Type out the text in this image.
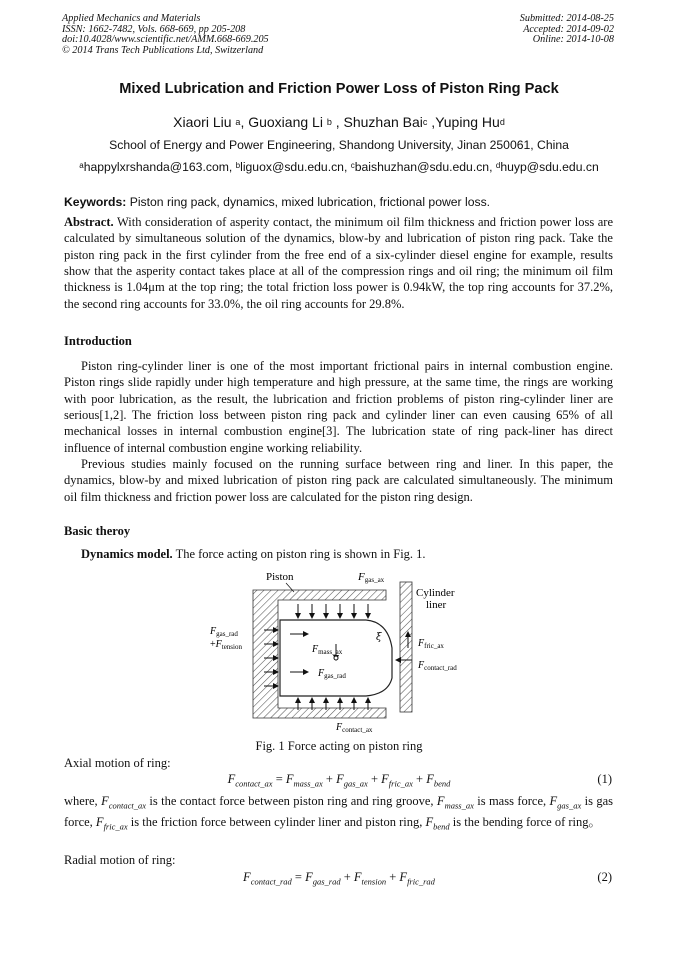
Applied Mechanics and Materials
ISSN: 1662-7482, Vols. 668-669, pp 205-208
doi:10.4028/www.scientific.net/AMM.668-669.205
© 2014 Trans Tech Publications Ltd, Switzerland
Submitted: 2014-08-25
Accepted: 2014-09-02
Online: 2014-10-08
Mixed Lubrication and Friction Power Loss of Piston Ring Pack
Xiaori Liu $^a$, Guoxiang Li $^b$ , Shuzhan Bai$^c$ ,Yuping Hu$^d$
School of Energy and Power Engineering, Shandong University, Jinan 250061, China
$^a$happylxrshanda@163.com, $^b$liguox@sdu.edu.cn, $^c$baishuzhan@sdu.edu.cn, $^d$huyp@sdu.edu.cn
Keywords: Piston ring pack, dynamics, mixed lubrication, frictional power loss.
Abstract. With consideration of asperity contact, the minimum oil film thickness and friction power loss are calculated by simultaneous solution of the dynamics, blow-by and lubrication of piston ring pack. Take the piston ring pack in the first cylinder from the free end of a six-cylinder diesel engine for example, results show that the asperity contact takes place at all of the compression rings and oil ring; the minimum oil film thickness is 1.04μm at the top ring; the total friction loss power is 0.94kW, the top ring accounts for 37.2%, the second ring accounts for 33.0%, the oil ring accounts for 29.8%.
Introduction
Piston ring-cylinder liner is one of the most important frictional pairs in internal combustion engine. Piston rings slide rapidly under high temperature and high pressure, at the same time, the rings are working with poor lubrication, as the result, the lubrication and friction problems of piston ring-cylinder liner are serious[1,2]. The friction loss between piston ring pack and cylinder liner can even causing 65% of all mechanical losses in internal combustion engine[3]. The lubrication state of ring pack-liner has direct influence of internal combustion engine working reliability.
Previous studies mainly focused on the running surface between ring and liner. In this paper, the dynamics, blow-by and mixed lubrication of piston ring pack are calculated simultaneously. The minimum oil film thickness and friction power loss are calculated for the piston ring design.
Basic theroy
Dynamics model. The force acting on piston ring is shown in Fig. 1.
Piston	Fgas_ax
Cylinder
liner
$F_{gas\_rad}$
$+F_{tension}$	$F_{mass\_ax}$
$F_{gas\_rad}$
ξ
$F_{fric\_ax}$
$F_{contact\_rad}$
$F_{contact\_ax}$
Fig. 1 Force acting on piston ring
Axial motion of ring:
$F_{contact\_ax} = F_{mass\_ax} + F_{gas\_ax} + F_{fric\_ax} + F_{bend}$	(1)
where, $F_{contact\_ax}$ is the contact force between piston ring and ring groove, $F_{mass\_ax}$ is mass force, $F_{gas\_ax}$ is gas force, $F_{fric\_ax}$ is the friction force between cylinder liner and piston ring, $F_{bend}$ is the bending force of ring。
Radial motion of ring:
$F_{contact\_rad} = F_{gas\_rad} + F_{tension} + F_{fric\_rad}$	(2)
